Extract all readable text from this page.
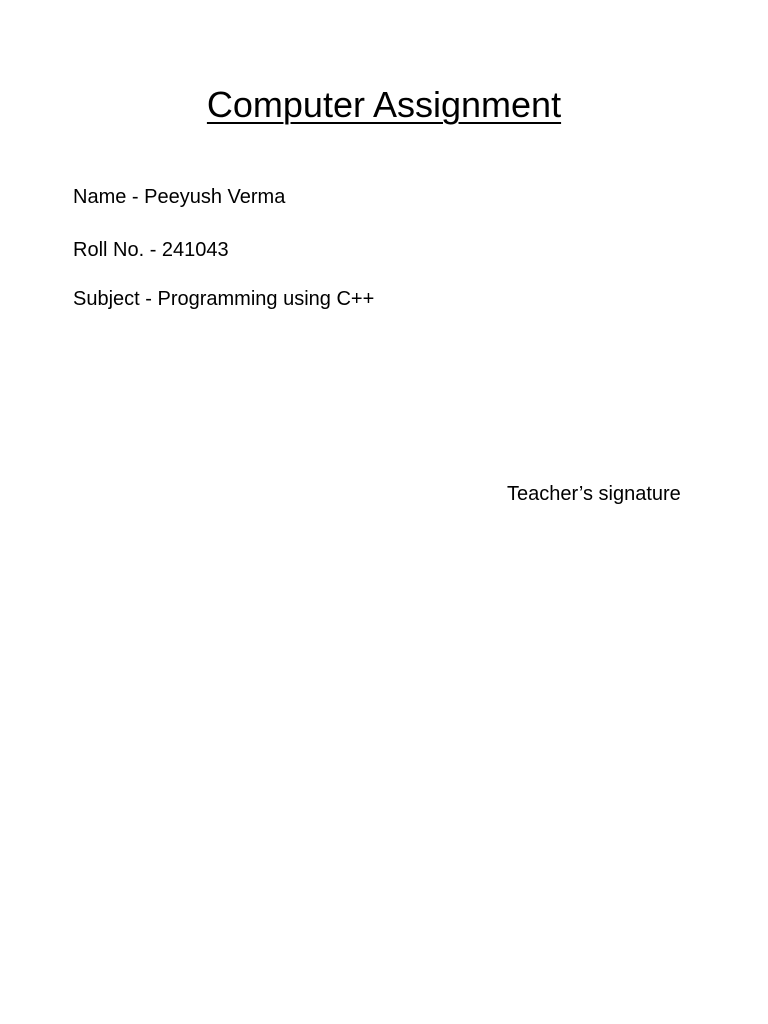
Computer Assignment

Name - Peeyush Verma

Roll No. - 241043

Subject - Programming using C++

Teacher’s signature
